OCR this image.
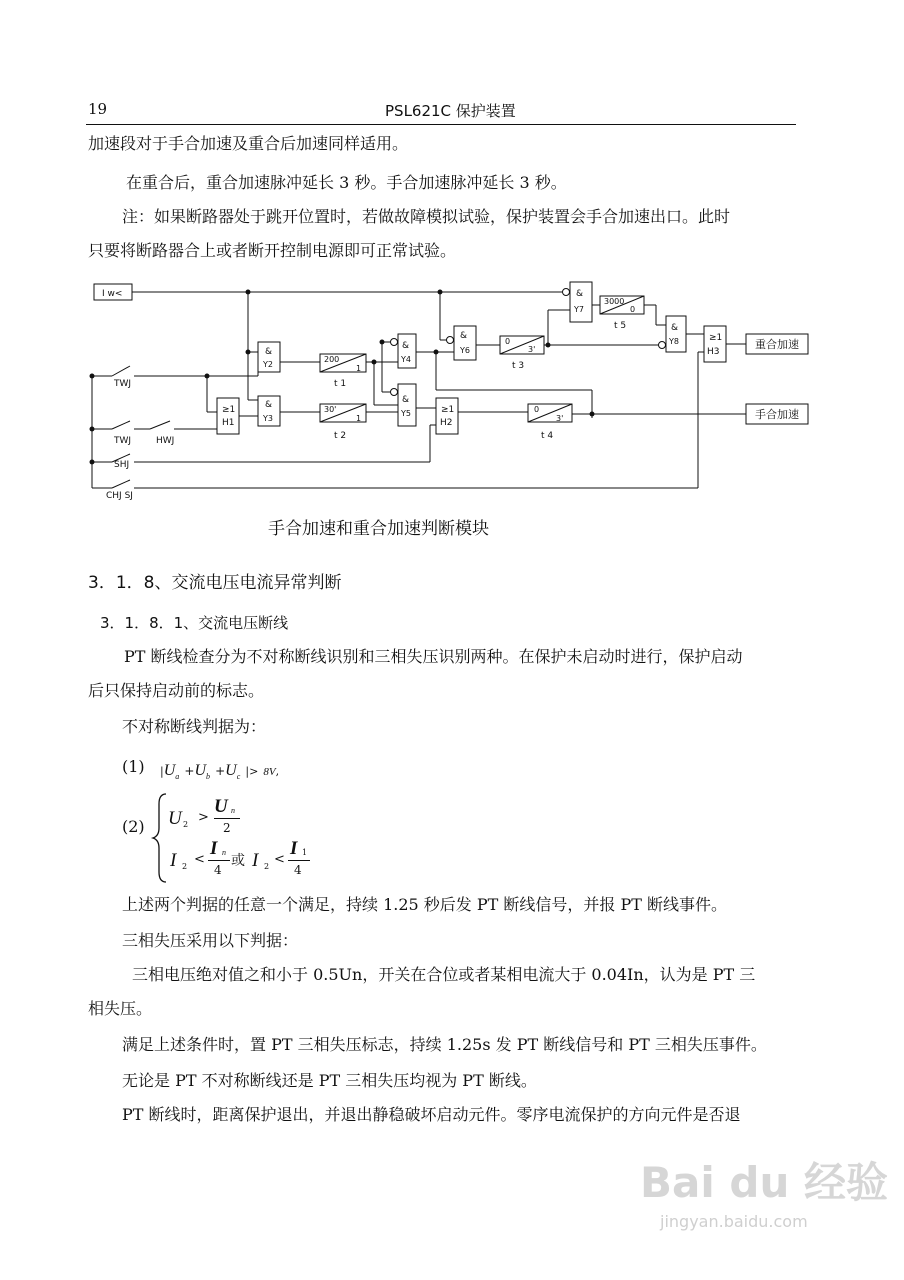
19	PSL621C 保护装置
加速段对于手合加速及重合后加速同样适用。
在重合后，重合加速脉冲延长 3 秒。手合加速脉冲延长 3 秒。
注：如果断路器处于跳开位置时，若做故障模拟试验，保护装置会手合加速出口。此时
只要将断路器合上或者断开控制电源即可正常试验。
I w<
TWJ
TWJ	HWJ
SHJ
CHJ SJ
≥1
H1
&
Y2
&
Y3
&
Y4
&
Y5	≥1
H2
&
Y6
&
Y7
&
Y8	≥1
H3
200
1
t 1
30'
1
t 2
0
3'
t 3
3000
0
t 5
0
3'
t 4
重合加速
手合加速
手合加速和重合加速判断模块
3．1．8、交流电压电流异常判断
3．1．8．1、交流电压断线
PT 断线检查分为不对称断线识别和三相失压识别两种。在保护未启动时进行，保护启动
后只保持启动前的标志。
不对称断线判据为：
(1) $|U_a +U_b +U_c$ |> 8V,
(2) U 2 >
U n
2
I 2 <
I n
4
或 I 2 <
I 1
4
上述两个判据的任意一个满足，持续 1.25 秒后发 PT 断线信号，并报 PT 断线事件。
三相失压采用以下判据：
三相电压绝对值之和小于 0.5Un，开关在合位或者某相电流大于 0.04In，认为是 PT 三
相失压。
满足上述条件时，置 PT 三相失压标志，持续 1.25s 发 PT 断线信号和 PT 三相失压事件。
无论是 PT 不对称断线还是 PT 三相失压均视为 PT 断线。
PT 断线时，距离保护退出，并退出静稳破坏启动元件。零序电流保护的方向元件是否退
Bai du 经验
jingyan.baidu.com
